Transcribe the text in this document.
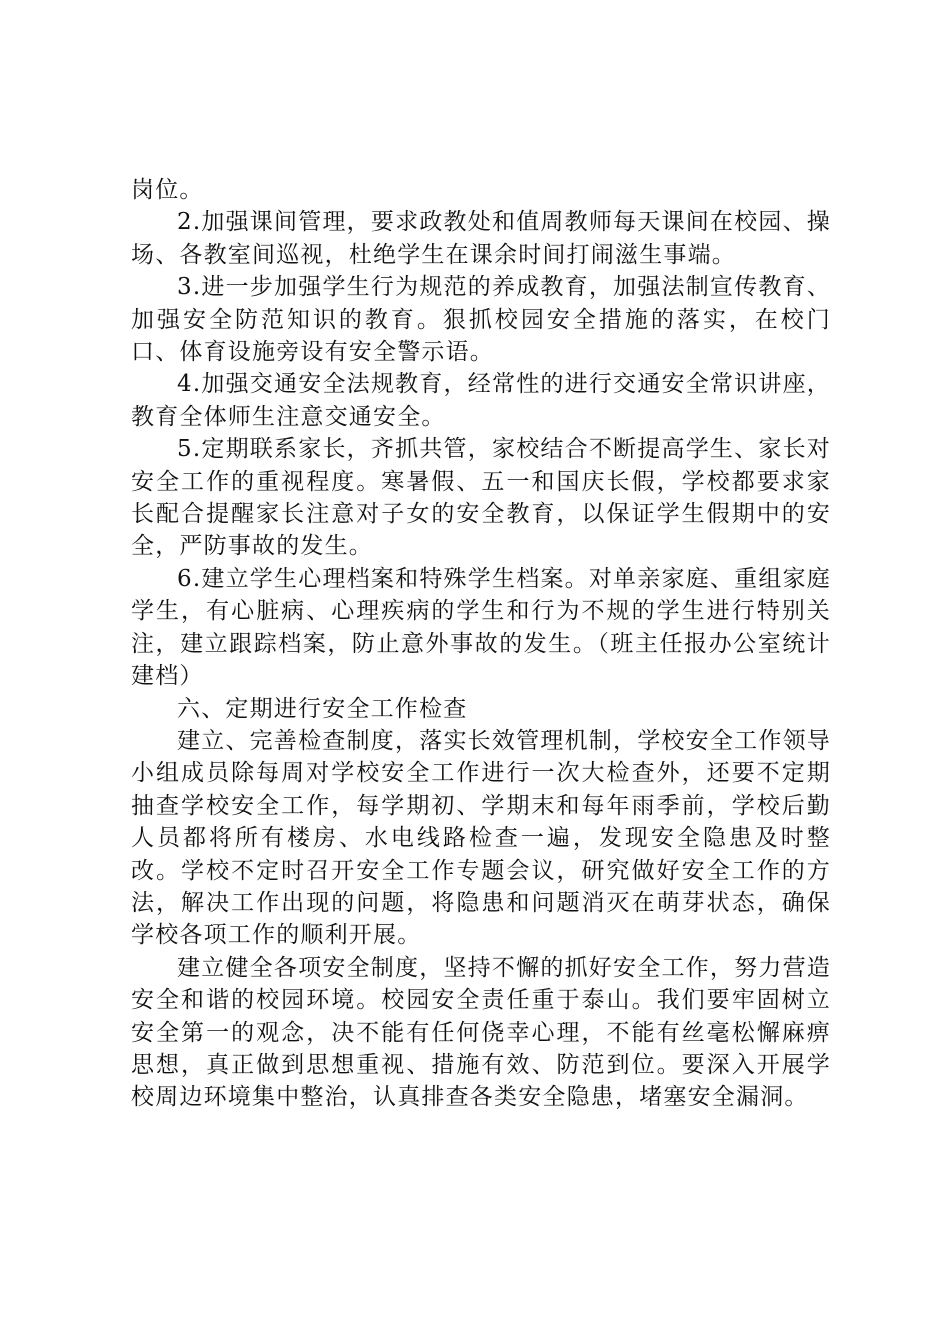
岗位。

2.加强课间管理，要求政教处和值周教师每天课间在校园、操场、各教室间巡视，杜绝学生在课余时间打闹滋生事端。

3.进一步加强学生行为规范的养成教育，加强法制宣传教育、加强安全防范知识的教育。狠抓校园安全措施的落实，在校门口、体育设施旁设有安全警示语。

4.加强交通安全法规教育，经常性的进行交通安全常识讲座，教育全体师生注意交通安全。

5.定期联系家长，齐抓共管，家校结合不断提高学生、家长对安全工作的重视程度。寒暑假、五一和国庆长假，学校都要求家长配合提醒家长注意对子女的安全教育，以保证学生假期中的安全，严防事故的发生。

6.建立学生心理档案和特殊学生档案。对单亲家庭、重组家庭学生，有心脏病、心理疾病的学生和行为不规的学生进行特别关注，建立跟踪档案，防止意外事故的发生。（班主任报办公室统计建档）

六、定期进行安全工作检查

建立、完善检查制度，落实长效管理机制，学校安全工作领导小组成员除每周对学校安全工作进行一次大检查外，还要不定期抽查学校安全工作，每学期初、学期末和每年雨季前，学校后勤人员都将所有楼房、水电线路检查一遍，发现安全隐患及时整改。学校不定时召开安全工作专题会议，研究做好安全工作的方法，解决工作出现的问题，将隐患和问题消灭在萌芽状态，确保学校各项工作的顺利开展。

建立健全各项安全制度，坚持不懈的抓好安全工作，努力营造安全和谐的校园环境。校园安全责任重于泰山。我们要牢固树立安全第一的观念，决不能有任何侥幸心理，不能有丝毫松懈麻痹思想，真正做到思想重视、措施有效、防范到位。要深入开展学校周边环境集中整治，认真排查各类安全隐患，堵塞安全漏洞。
